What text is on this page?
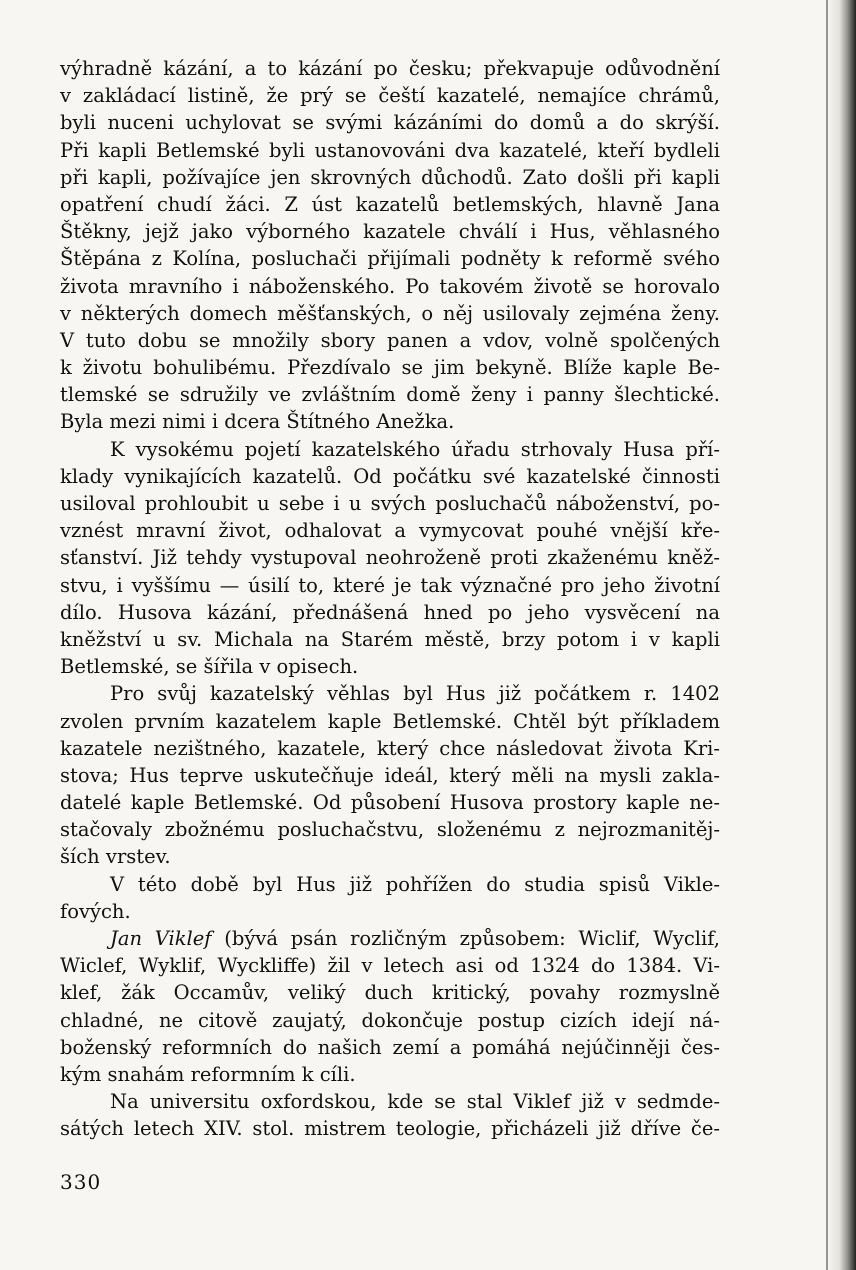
výhradně kázání, a to kázání po česku; překvapuje odůvodnění
v zakládací listině, že prý se čeští kazatelé, nemajíce chrámů,
byli nuceni uchylovat se svými kázáními do domů a do skrýší.
Při kapli Betlemské byli ustanovováni dva kazatelé, kteří bydleli
při kapli, požívajíce jen skrovných důchodů. Zato došli při kapli
opatření chudí žáci. Z úst kazatelů betlemských, hlavně Jana
Štěkny, jejž jako výborného kazatele chválí i Hus, věhlasného
Štěpána z Kolína, posluchači přijímali podněty k reformě svého
života mravního i náboženského. Po takovém životě se horovalo
v některých domech měšťanských, o něj usilovaly zejména ženy.
V tuto dobu se množily sbory panen a vdov, volně spolčených
k životu bohulibému. Přezdívalo se jim bekyně. Blíže kaple Be-
tlemské se sdružily ve zvláštním domě ženy i panny šlechtické.
Byla mezi nimi i dcera Štítného Anežka.
K vysokému pojetí kazatelského úřadu strhovaly Husa pří-
klady vynikajících kazatelů. Od počátku své kazatelské činnosti
usiloval prohloubit u sebe i u svých posluchačů náboženství, po-
vznést mravní život, odhalovat a vymycovat pouhé vnější kře-
sťanství. Již tehdy vystupoval neohroženě proti zkaženému kněž-
stvu, i vyššímu — úsilí to, které je tak význačné pro jeho životní
dílo. Husova kázání, přednášená hned po jeho vysvěcení na
kněžství u sv. Michala na Starém městě, brzy potom i v kapli
Betlemské, se šířila v opisech.
Pro svůj kazatelský věhlas byl Hus již počátkem r. 1402
zvolen prvním kazatelem kaple Betlemské. Chtěl být příkladem
kazatele nezištného, kazatele, který chce následovat života Kri-
stova; Hus teprve uskutečňuje ideál, který měli na mysli zakla-
datelé kaple Betlemské. Od působení Husova prostory kaple ne-
stačovaly zbožnému posluchačstvu, složenému z nejrozmanitěj-
ších vrstev.
V této době byl Hus již pohřížen do studia spisů Vikle-
fových.
Jan Viklef (bývá psán rozličným způsobem: Wiclif, Wyclif,
Wiclef, Wyklif, Wyckliffe) žil v letech asi od 1324 do 1384. Vi-
klef, žák Occamův, veliký duch kritický, povahy rozmyslně
chladné, ne citově zaujatý, dokončuje postup cizích idejí ná-
boženský reformních do našich zemí a pomáhá nejúčinněji čes-
kým snahám reformním k cíli.
Na universitu oxfordskou, kde se stal Viklef již v sedmde-
sátých letech XIV. stol. mistrem teologie, přicházeli již dříve če-
330
